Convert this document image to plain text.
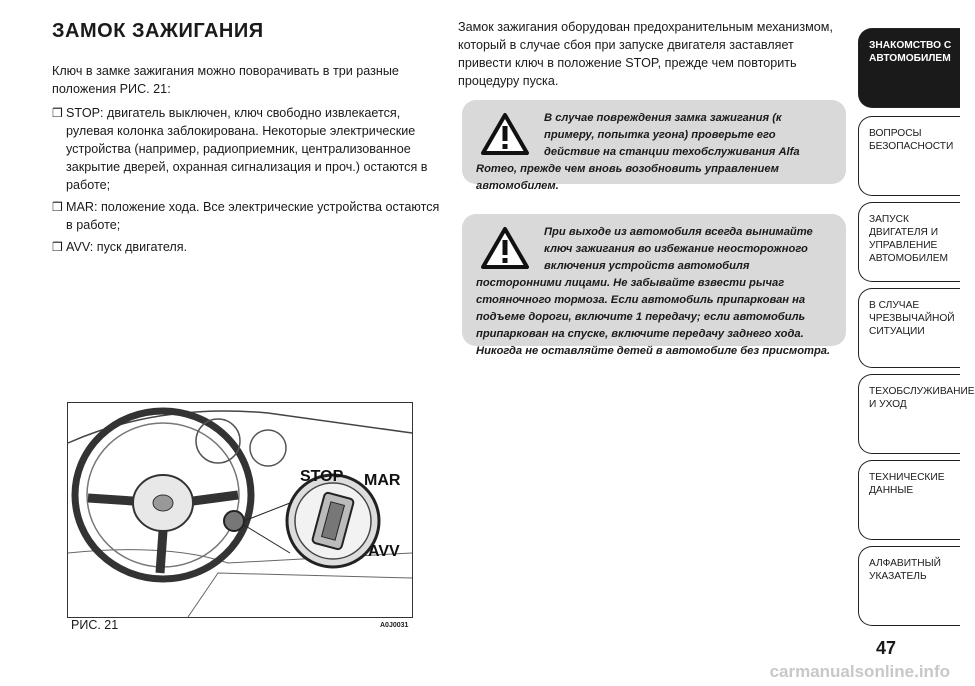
ЗАМОК ЗАЖИГАНИЯ

Ключ в замке зажигания можно поворачивать в три разные положения РИС. 21:

❒ STOP: двигатель выключен, ключ свободно извлекается, рулевая колонка заблокирована. Некоторые электрические устройства (например, радиоприемник, централизованное закрытие дверей, охранная сигнализация и проч.) остаются в работе;
❒ MAR: положение хода. Все электрические устройства остаются в работе;
❒ AVV: пуск двигателя.
Замок зажигания оборудован предохранительным механизмом, который в случае сбоя при запуске двигателя заставляет привести ключ в положение STOP, прежде чем повторить процедуру пуска.
В случае повреждения замка зажигания (к примеру, попытка угона) проверьте его действие на станции техобслуживания Alfa Romeo, прежде чем вновь возобновить управлением автомобилем.
При выходе из автомобиля всегда вынимайте ключ зажигания во избежание неосторожного включения устройств автомобиля посторонними лицами. Не забывайте взвести рычаг стояночного тормоза. Если автомобиль припаркован на подъеме дороги, включите 1 передачу; если автомобиль припаркован на спуске, включите передачу заднего хода. Никогда не оставляйте детей в автомобиле без присмотра.
STOP MAR
AVV
РИС. 21	A0J0031
ЗНАКОМСТВО С АВТОМОБИЛЕМ
ВОПРОСЫ БЕЗОПАСНОСТИ
ЗАПУСК ДВИГАТЕЛЯ И УПРАВЛЕНИЕ АВТОМОБИЛЕМ
В СЛУЧАЕ ЧРЕЗВЫЧАЙНОЙ СИТУАЦИИ
ТЕХОБСЛУЖИВАНИЕ И УХОД
ТЕХНИЧЕСКИЕ ДАННЫЕ
АЛФАВИТНЫЙ УКАЗАТЕЛЬ
47
carmanualsonline.info
